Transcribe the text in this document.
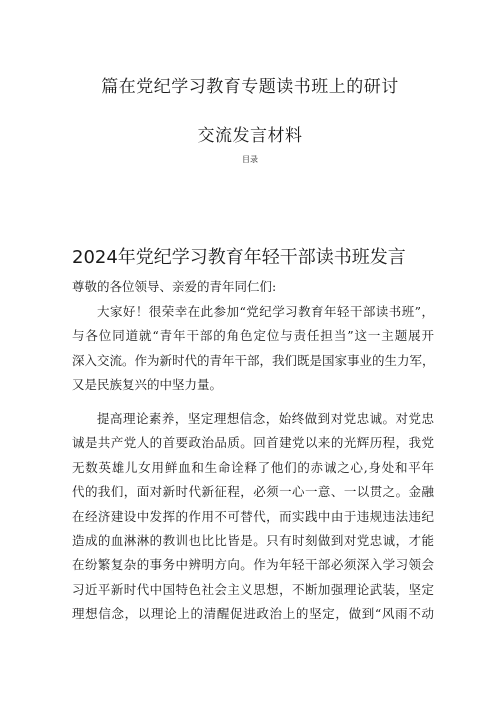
篇在党纪学习教育专题读书班上的研讨
交流发言材料
目录
2024年党纪学习教育年轻干部读书班发言
尊敬的各位领导、亲爱的青年同仁们:
大家好！很荣幸在此参加“党纪学习教育年轻干部读书班”，
与各位同道就“青年干部的角色定位与责任担当”这一主题展开
深入交流。作为新时代的青年干部，我们既是国家事业的生力军，
又是民族复兴的中坚力量。
提高理论素养，坚定理想信念，始终做到对党忠诚。对党忠
诚是共产党人的首要政治品质。回首建党以来的光辉历程，我党
无数英雄儿女用鲜血和生命诠释了他们的赤诚之心,身处和平年
代的我们，面对新时代新征程，必须一心一意、一以贯之。金融
在经济建设中发挥的作用不可替代，而实践中由于违规违法违纪
造成的血淋淋的教训也比比皆是。只有时刻做到对党忠诚，才能
在纷繁复杂的事务中辨明方向。作为年轻干部必须深入学习领会
习近平新时代中国特色社会主义思想，不断加强理论武装，坚定
理想信念，以理论上的清醒促进政治上的坚定，做到“风雨不动
